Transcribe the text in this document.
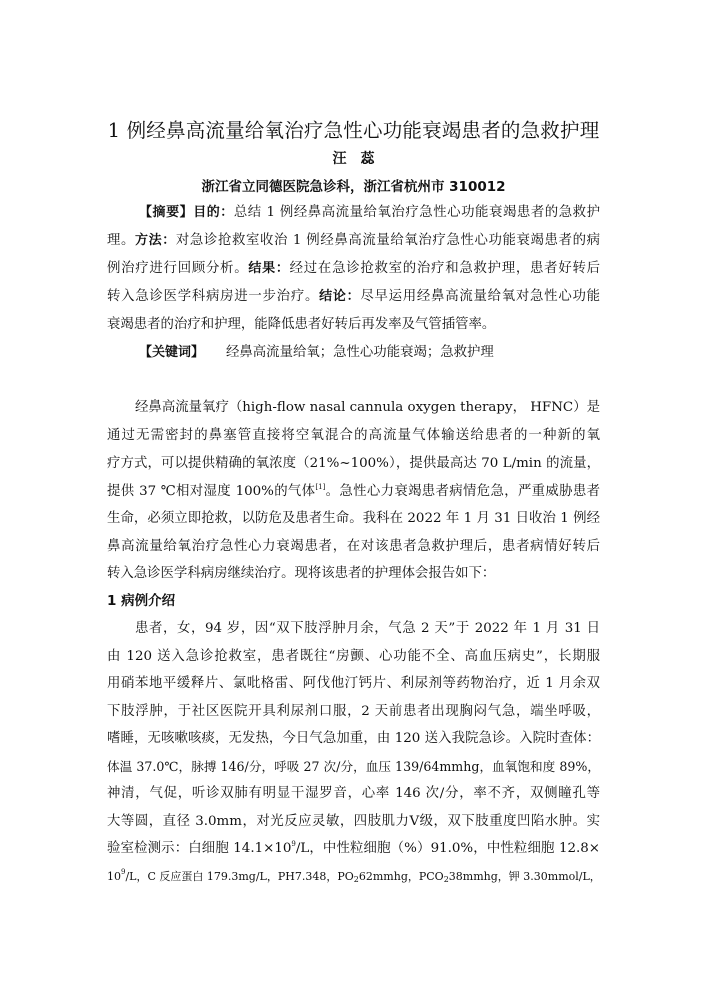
1 例经鼻高流量给氧治疗急性心功能衰竭患者的急救护理
汪蕊
浙江省立同德医院急诊科，浙江省杭州市 310012
【摘要】目的：总结 1 例经鼻高流量给氧治疗急性心功能衰竭患者的急救护
理。方法：对急诊抢救室收治 1 例经鼻高流量给氧治疗急性心功能衰竭患者的病
例治疗进行回顾分析。结果：经过在急诊抢救室的治疗和急救护理，患者好转后
转入急诊医学科病房进一步治疗。结论：尽早运用经鼻高流量给氧对急性心功能
衰竭患者的治疗和护理，能降低患者好转后再发率及气管插管率。
【关键词】 经鼻高流量给氧；急性心功能衰竭；急救护理
经鼻高流量氧疗（high-flow nasal cannula oxygen therapy， HFNC）是
通过无需密封的鼻塞管直接将空氧混合的高流量气体输送给患者的一种新的氧
疗方式，可以提供精确的氧浓度（21%~100%），提供最高达 70 L/min 的流量，
提供 37 ℃相对湿度 100%的气体[1]。急性心力衰竭患者病情危急，严重威胁患者
生命，必须立即抢救，以防危及患者生命。我科在 2022 年 1 月 31 日收治 1 例经
鼻高流量给氧治疗急性心力衰竭患者，在对该患者急救护理后，患者病情好转后
转入急诊医学科病房继续治疗。现将该患者的护理体会报告如下：
1 病例介绍
患者，女，94 岁，因“双下肢浮肿月余，气急 2 天”于 2022 年 1 月 31 日
由 120 送入急诊抢救室，患者既往“房颤、心功能不全、高血压病史”，长期服
用硝苯地平缓释片、氯吡格雷、阿伐他汀钙片、利尿剂等药物治疗，近 1 月余双
下肢浮肿，于社区医院开具利尿剂口服，2 天前患者出现胸闷气急，端坐呼吸，
嗜睡，无咳嗽咳痰，无发热，今日气急加重，由 120 送入我院急诊。入院时查体：
体温 37.0℃，脉搏 146/分，呼吸 27 次/分，血压 139/64mmhg，血氧饱和度 89%，
神清，气促，听诊双肺有明显干湿罗音，心率 146 次/分，率不齐，双侧瞳孔等
大等圆，直径 3.0mm，对光反应灵敏，四肢肌力Ⅴ级，双下肢重度凹陷水肿。实
验室检测示：白细胞 $14.1\times 10^9/L$，中性粒细胞（%）91.0%，中性粒细胞 12.8×
$10^9/L$，C 反应蛋白 179.3mg/L，PH7.348，$PO_262mmhg$，$PCO_238mmhg$，钾 3.30mmol/L，
